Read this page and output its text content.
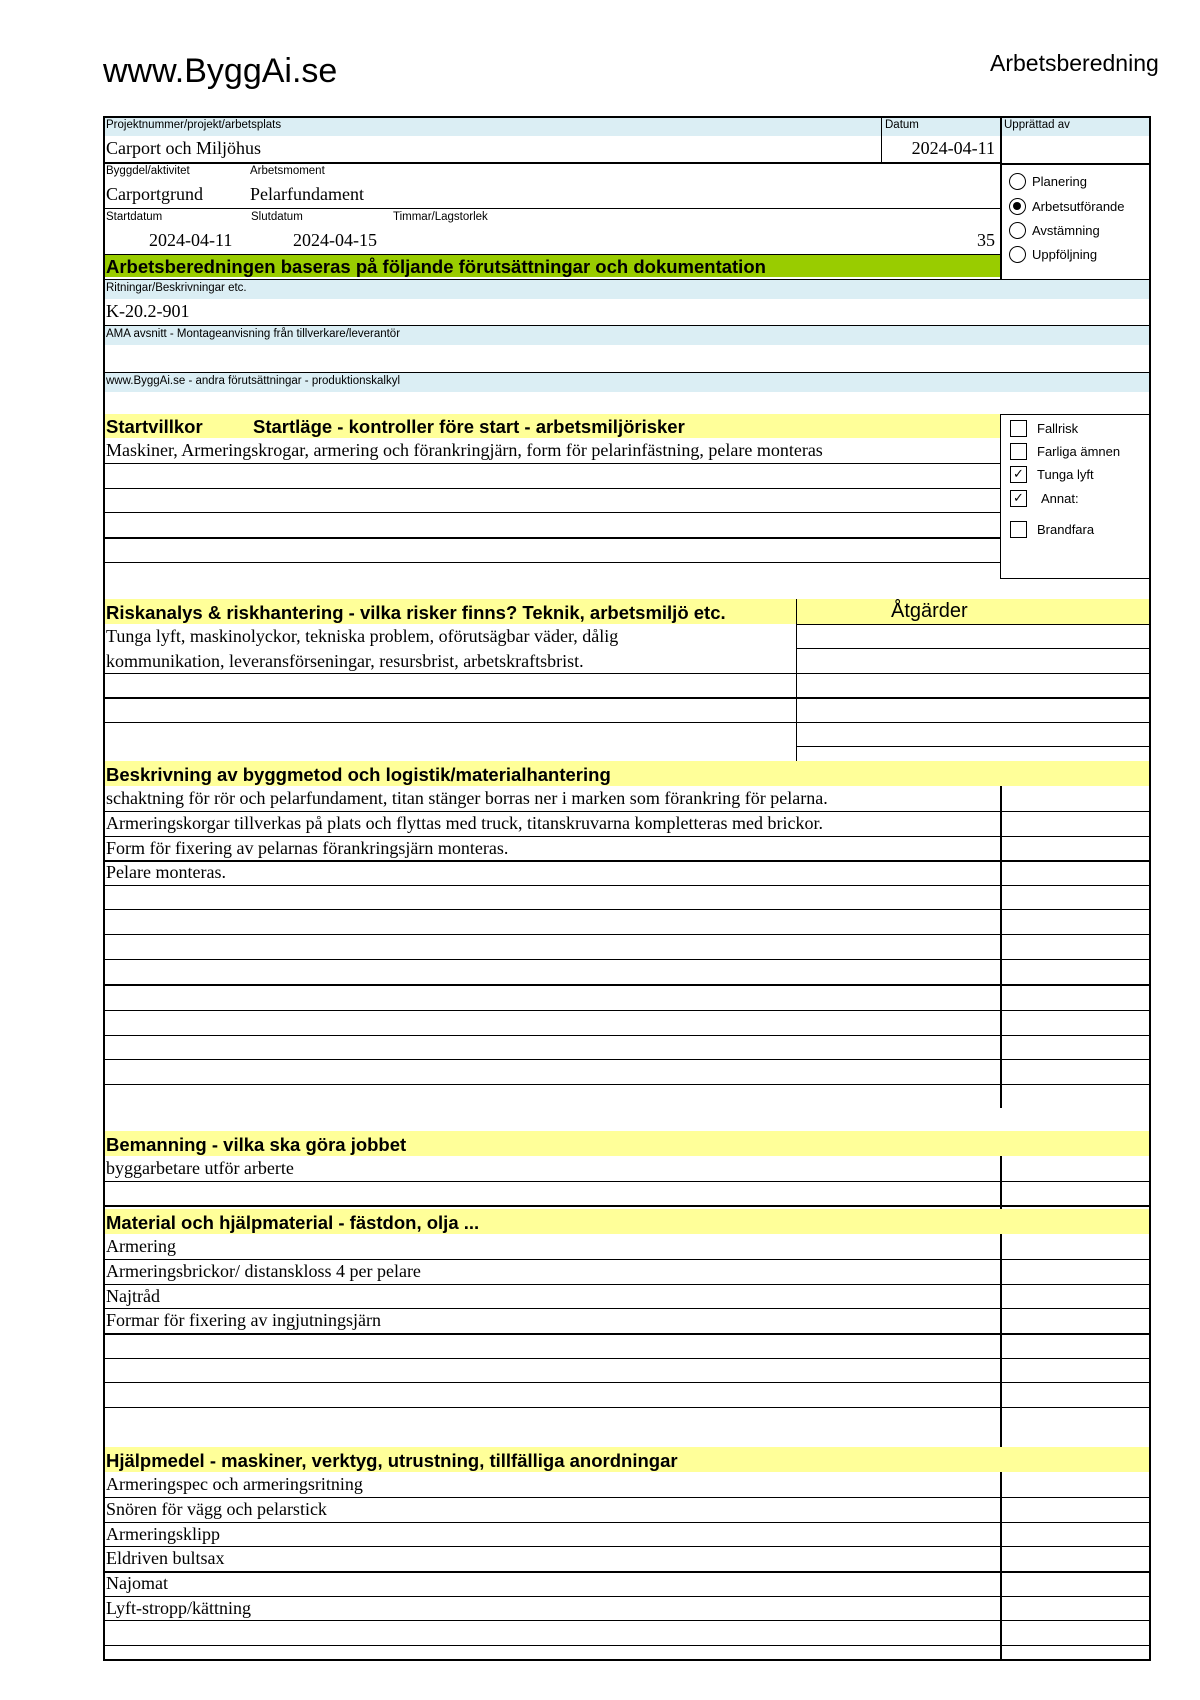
www.ByggAi.se	Arbetsberedning
Projektnummer/projekt/arbetsplats
Carport och Miljöhus
Datum
2024-04-11
Upprättad av
Byggdel/aktivitet
Carportgrund
Arbetsmoment
Pelarfundament
Startdatum
2024-04-11
Slutdatum
2024-04-15
Timmar/Lagstorlek
35
Planering
Arbetsutförande
Avstämning
Uppföljning
Arbetsberedningen baseras på följande förutsättningar och dokumentation
Ritningar/Beskrivningar etc.
K-20.2-901
AMA avsnitt - Montageanvisning från tillverkare/leverantör
www.ByggAi.se - andra förutsättningar - produktionskalkyl
Startvillkor	Startläge - kontroller före start - arbetsmiljörisker
Maskiner, Armeringskrogar, armering och förankringjärn, form för pelarinfästning, pelare monteras
Fallrisk
Farliga ämnen
✓ Tunga lyft
✓ Annat:
Brandfara
Riskanalys & riskhantering - vilka risker finns? Teknik, arbetsmiljö etc.	Åtgärder
Tunga lyft, maskinolyckor, tekniska problem, oförutsägbar väder, dålig
kommunikation, leveransförseningar, resursbrist, arbetskraftsbrist.
Beskrivning av byggmetod och logistik/materialhantering
schaktning för rör och pelarfundament, titan stänger borras ner i marken som förankring för pelarna.
Armeringskorgar tillverkas på plats och flyttas med truck, titanskruvarna kompletteras med brickor.
Form för fixering av pelarnas förankringsjärn monteras.
Pelare monteras.
Bemanning - vilka ska göra jobbet
byggarbetare utför arberte
Material och hjälpmaterial - fästdon, olja ...
Armering
Armeringsbrickor/ distanskloss 4 per pelare
Najtråd
Formar för fixering av ingjutningsjärn
Hjälpmedel - maskiner, verktyg, utrustning, tillfälliga anordningar
Armeringspec och armeringsritning
Snören för vägg och pelarstick
Armeringsklipp
Eldriven bultsax
Najomat
Lyft-stropp/kättning
